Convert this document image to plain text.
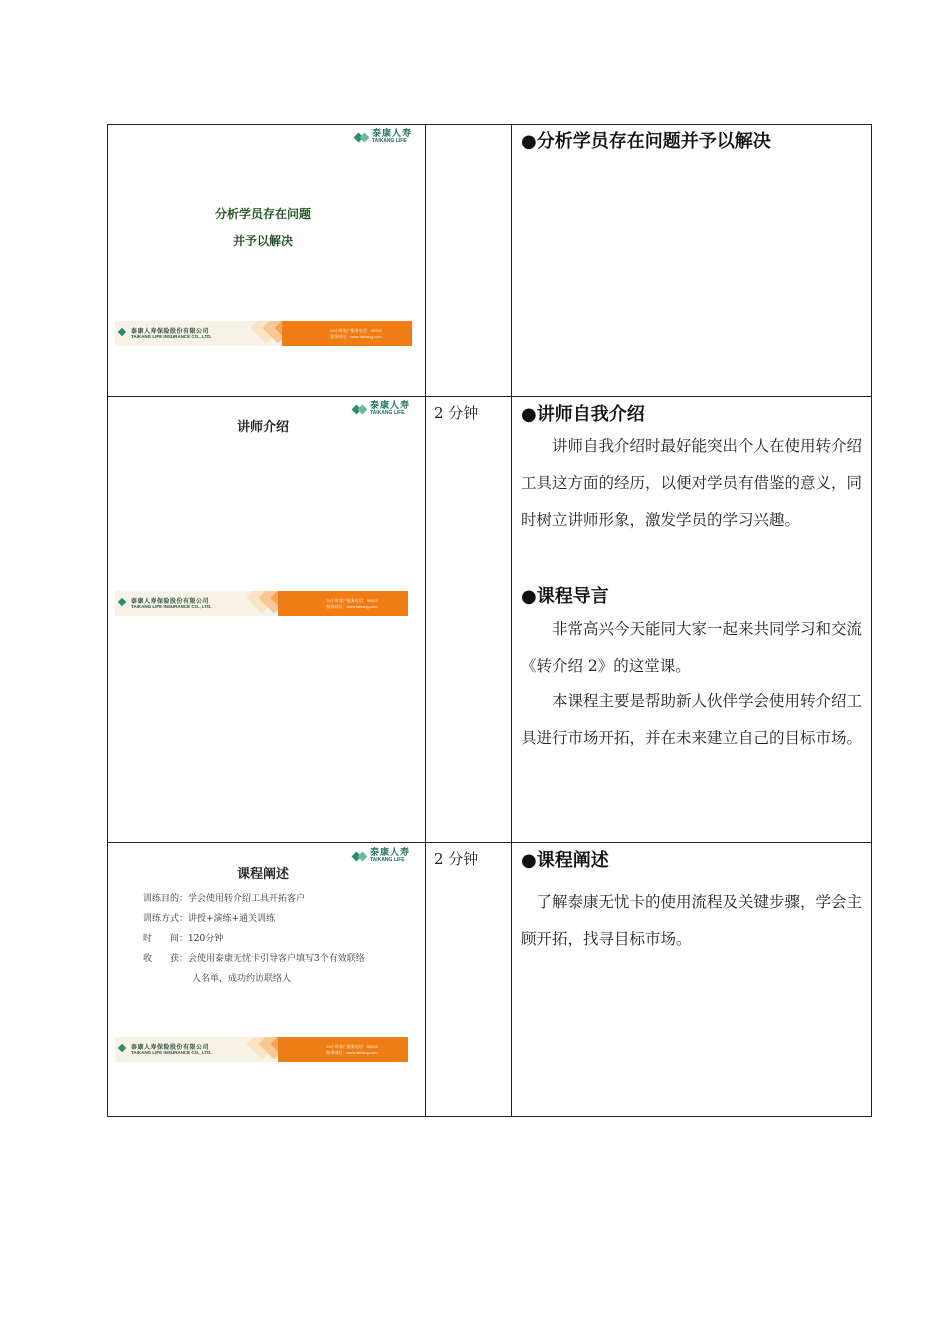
泰康人寿
TAIKANG LIFE
分析学员存在问题
并予以解决
泰康人寿保险股份有限公司
TAIKANG LIFE INSURANCE CO., LTD.
24小时客户服务电话：95522
服务网站：www.taikang.com
●分析学员存在问题并予以解决
泰康人寿
TAIKANG LIFE
讲师介绍
泰康人寿保险股份有限公司
TAIKANG LIFE INSURANCE CO., LTD.
24小时客户服务电话：95522
服务网站：www.taikang.com
2 分钟 ●讲师自我介绍
讲师自我介绍时最好能突出个人在使用转介绍工具这方面的经历，以便对学员有借鉴的意义，同时树立讲师形象，激发学员的学习兴趣。
●课程导言
非常高兴今天能同大家一起来共同学习和交流《转介绍 2》的这堂课。
本课程主要是帮助新人伙伴学会使用转介绍工具进行市场开拓，并在未来建立自己的目标市场。
泰康人寿
TAIKANG LIFE
课程阐述
训练目的：学会使用转介绍工具开拓客户
训练方式：讲授+演练+通关训练
时　　间：120分钟
收　　获：会使用泰康无忧卡引导客户填写3个有效联络
人名单，成功约访联络人
泰康人寿保险股份有限公司
TAIKANG LIFE INSURANCE CO., LTD.
24小时客户服务电话：95522
服务网站：www.taikang.com
2 分钟 ●课程阐述
了解泰康无忧卡的使用流程及关键步骤，学会主顾开拓，找寻目标市场。
